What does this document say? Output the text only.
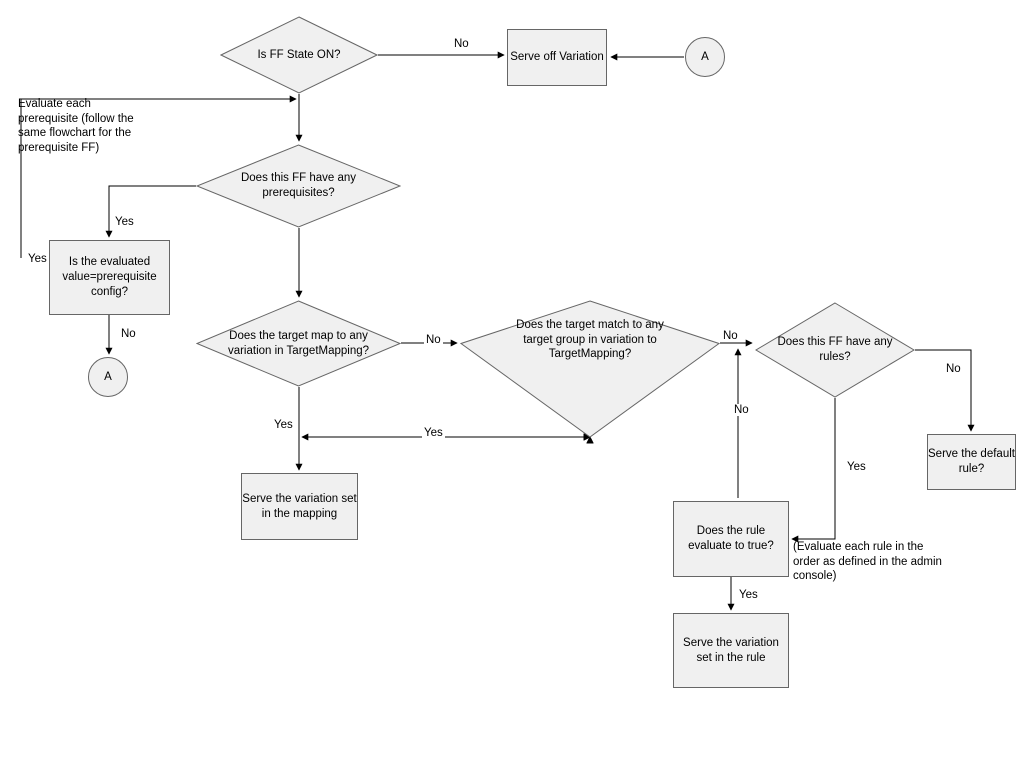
Is FF State ON?
Does this FF have any prerequisites?
Does the target map to any variation in TargetMapping?
Does the target match to any target group in variation to TargetMapping?
Does this FF have any rules?
Serve off Variation
Is the evaluated value=prerequisite config?
Serve the default rule?
Serve the variation set in the mapping
Does the rule evaluate to true?
Serve the variation set in the rule
A
A
No
Yes
Yes
No	No
Yes
Yes
No
No
Yes
No
Yes
Evaluate each prerequisite (follow the same flowchart for the prerequisite FF)
(Evaluate each rule in the order as defined in the admin console)
